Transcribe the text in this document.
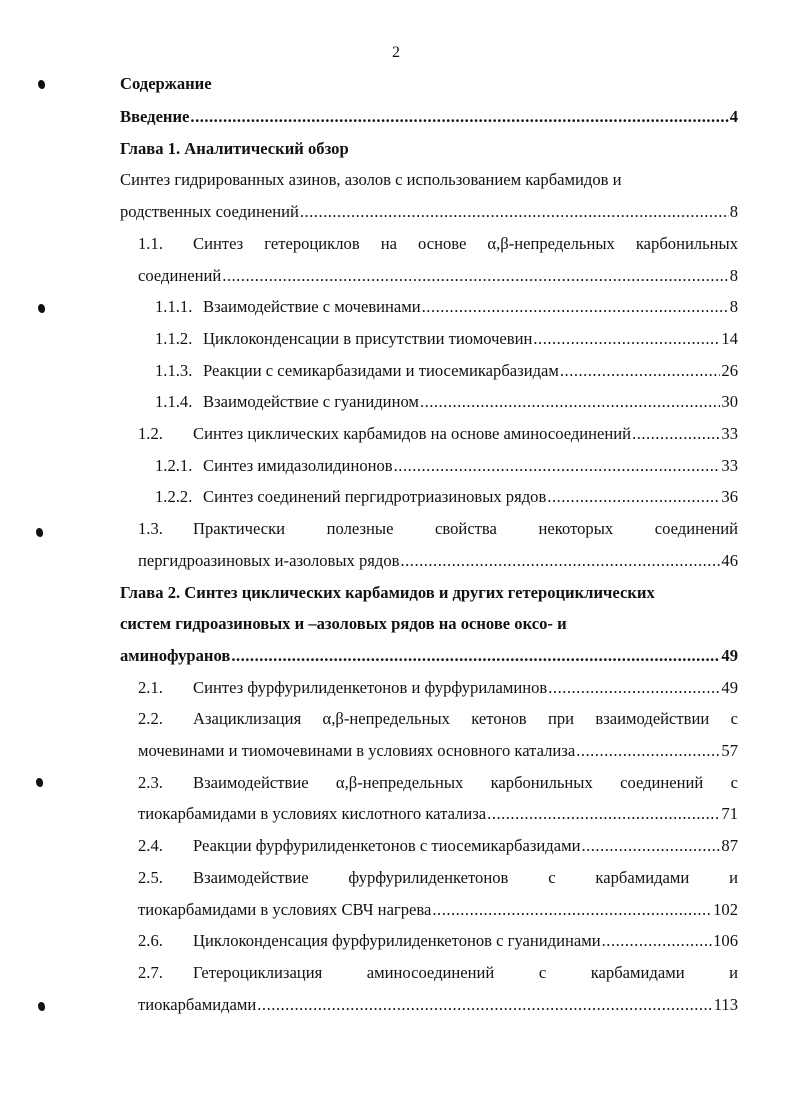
2
Содержание
Введение .....	4
Глава 1. Аналитический обзор
Синтез гидрированных азинов, азолов с использованием карбамидов и
родственных соединений .....	8
1.1.	Синтез гетероциклов на основе α,β-непредельных карбонильных
соединений .....	8
1.1.1. Взаимодействие с мочевинами .....	8
1.1.2. Циклоконденсации в присутствии тиомочевин .....	14
1.1.3. Реакции с семикарбазидами и тиосемикарбазидам .....	26
1.1.4. Взаимодействие с гуанидином .....	30
1.2.	Синтез циклических карбамидов на основе аминосоединений .....	33
1.2.1. Синтез имидазолидинонов .....	33
1.2.2. Синтез соединений пергидротриазиновых рядов .....	36
1.3.	Практически полезные свойства некоторых соединений
пергидроазиновых и-азоловых рядов .....	46
Глава 2. Синтез циклических карбамидов и других гетероциклических
систем гидроазиновых и –азоловых рядов на основе оксо- и
аминофуранов .....	49
2.1.	Синтез фурфурилиденкетонов и фурфуриламинов .....	49
2.2.	Азациклизация α,β-непредельных кетонов при взаимодействии с
мочевинами и тиомочевинами в условиях основного катализа .....	57
2.3.	Взаимодействие α,β-непредельных карбонильных соединений с
тиокарбамидами в условиях кислотного катализа .....	71
2.4.	Реакции фурфурилиденкетонов с тиосемикарбазидами .....	87
2.5.	Взаимодействие фурфурилиденкетонов с карбамидами и
тиокарбамидами в условиях СВЧ нагрева .....	102
2.6.	Циклоконденсация фурфурилиденкетонов с гуанидинами .....	106
2.7.	Гетероциклизация аминосоединений с карбамидами и
тиокарбамидами .....	113
